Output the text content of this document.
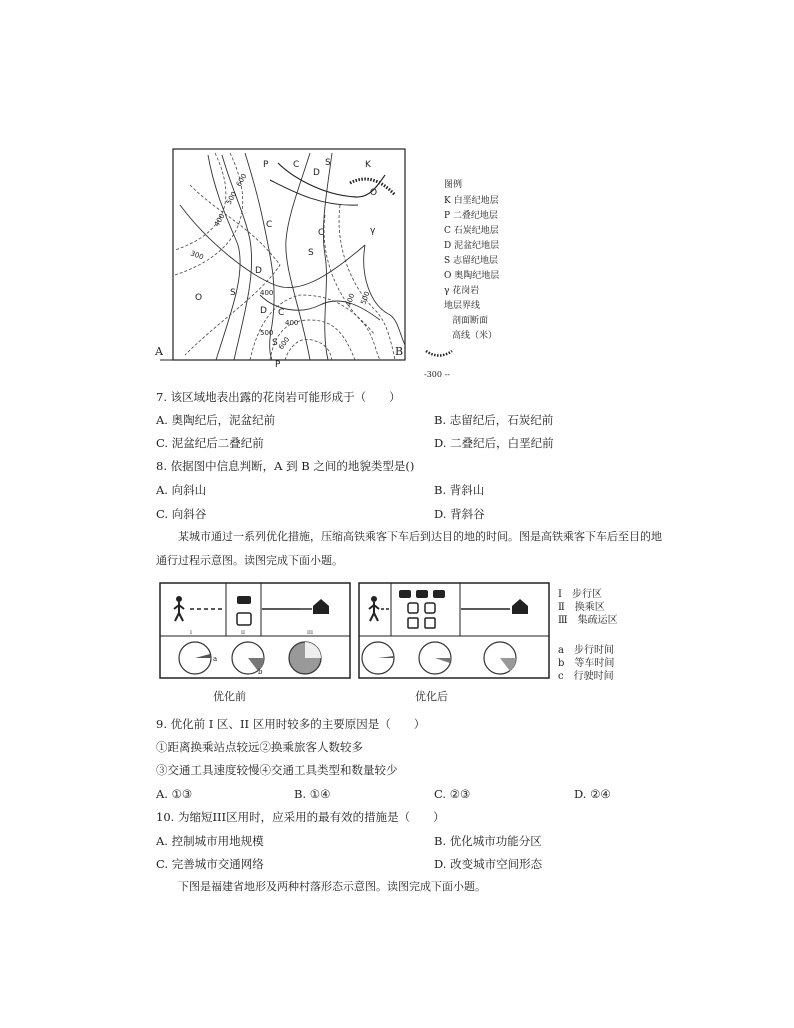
600
500
400
300
400
500
400
500
600
400
P	C
D
S
O
K
γ
C
S
D
O	S
D C
S
P
C
A	B
图例
K 白垩纪地层
P 二叠纪地层
C 石炭纪地层
D 泥盆纪地层
S 志留纪地层
O 奥陶纪地层
γ 花岗岩
地层界线
剖面断面
高线（米）
-300 --
7. 该区域地表出露的花岗岩可能形成于（　　）
A. 奥陶纪后，泥盆纪前	B. 志留纪后，石炭纪前
C. 泥盆纪后二叠纪前	D. 二叠纪后，白垩纪前
8. 依据图中信息判断，A 到 B 之间的地貌类型是()
A. 向斜山	B. 背斜山
C. 向斜谷	D. 背斜谷
某城市通过一系列优化措施，压缩高铁乘客下车后到达目的地的时间。图是高铁乘客下车后至目的地
通行过程示意图。读图完成下面小题。
I	II	III
a
b
优化前	优化后
Ⅰ　步行区
Ⅱ　换乘区
Ⅲ　集疏运区
a　步行时间
b　等车时间
c　行驶时间
9. 优化前 I 区、II 区用时较多的主要原因是（　　）
①距离换乘站点较远②换乘旅客人数较多
③交通工具速度较慢④交通工具类型和数量较少
A. ①③	B. ①④	C. ②③	D. ②④
10. 为缩短III区用时，应采用的最有效的措施是（　　）
A. 控制城市用地规模	B. 优化城市功能分区
C. 完善城市交通网络	D. 改变城市空间形态
下图是福建省地形及两种村落形态示意图。读图完成下面小题。
